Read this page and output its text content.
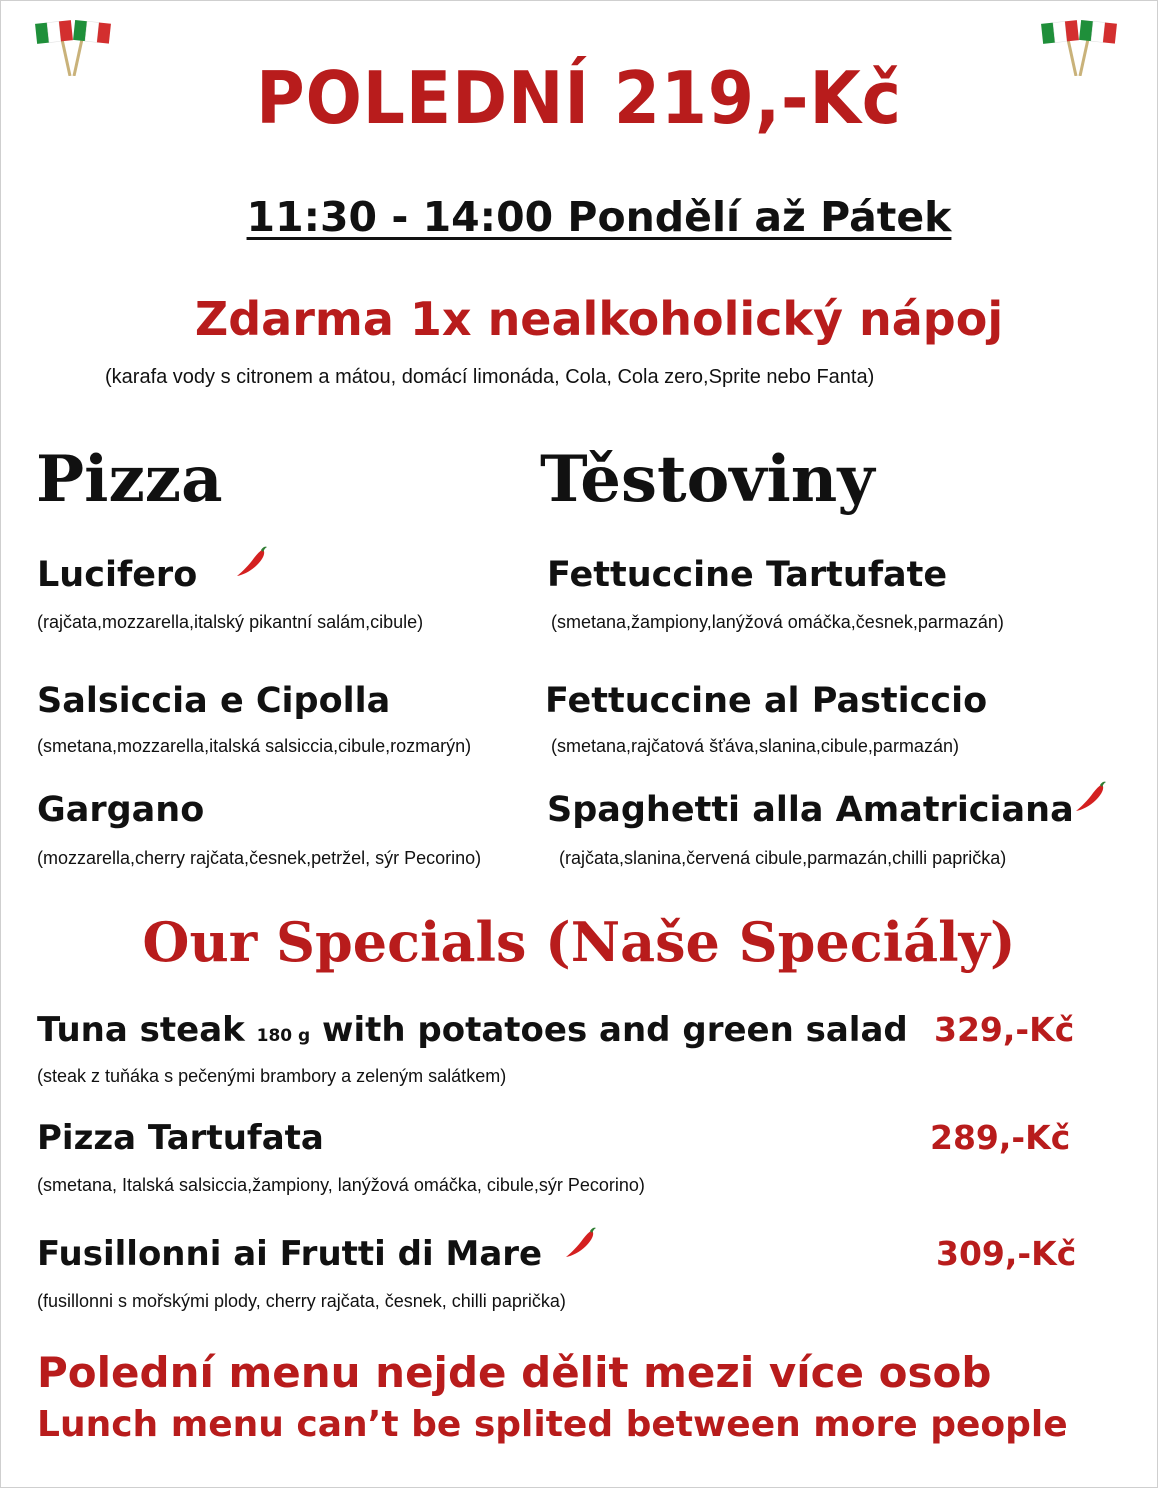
POLEDNÍ 219,-Kč
11:30 - 14:00 Pondělí až Pátek
Zdarma 1x nealkoholický nápoj
(karafa vody s citronem a mátou, domácí limonáda, Cola, Cola zero,Sprite nebo Fanta)
Pizza	Těstoviny
Lucifero
(rajčata,mozzarella,italský pikantní salám,cibule)
Salsiccia e Cipolla
(smetana,mozzarella,italská salsiccia,cibule,rozmarýn)
Gargano
(mozzarella,cherry rajčata,česnek,petržel, sýr Pecorino)
Fettuccine Tartufate
(smetana,žampiony,lanýžová omáčka,česnek,parmazán)
Fettuccine al Pasticcio
(smetana,rajčatová šťáva,slanina,cibule,parmazán)
Spaghetti alla Amatriciana
(rajčata,slanina,červená cibule,parmazán,chilli paprička)
Our Specials (Naše Speciály)
Tuna steak 180 g with potatoes and green salad 329,-Kč
(steak z tuňáka s pečenými brambory a zeleným salátkem)
Pizza Tartufata	289,-Kč
(smetana, Italská salsiccia,žampiony, lanýžová omáčka, cibule,sýr Pecorino)
Fusillonni ai Frutti di Mare	309,-Kč
(fusillonni s mořskými plody, cherry rajčata, česnek, chilli paprička)
Polední menu nejde dělit mezi více osob
Lunch menu can’t be splited between more people
